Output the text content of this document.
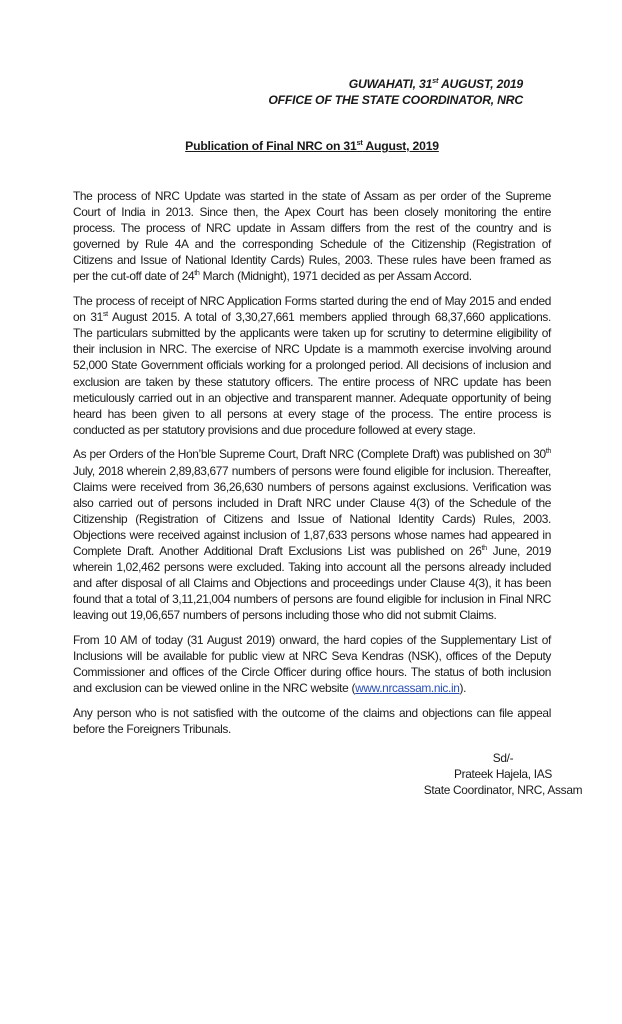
GUWAHATI, 31st AUGUST, 2019
OFFICE OF THE STATE COORDINATOR, NRC
Publication of Final NRC on 31st August, 2019

The process of NRC Update was started in the state of Assam as per order of the Supreme Court of India in 2013. Since then, the Apex Court has been closely monitoring the entire process. The process of NRC update in Assam differs from the rest of the country and is governed by Rule 4A and the corresponding Schedule of the Citizenship (Registration of Citizens and Issue of National Identity Cards) Rules, 2003. These rules have been framed as per the cut-off date of 24th March (Midnight), 1971 decided as per Assam Accord.

The process of receipt of NRC Application Forms started during the end of May 2015 and ended on 31st August 2015. A total of 3,30,27,661 members applied through 68,37,660 applications. The particulars submitted by the applicants were taken up for scrutiny to determine eligibility of their inclusion in NRC. The exercise of NRC Update is a mammoth exercise involving around 52,000 State Government officials working for a prolonged period. All decisions of inclusion and exclusion are taken by these statutory officers. The entire process of NRC update has been meticulously carried out in an objective and transparent manner. Adequate opportunity of being heard has been given to all persons at every stage of the process. The entire process is conducted as per statutory provisions and due procedure followed at every stage.

As per Orders of the Hon’ble Supreme Court, Draft NRC (Complete Draft) was published on 30th July, 2018 wherein 2,89,83,677 numbers of persons were found eligible for inclusion. Thereafter, Claims were received from 36,26,630 numbers of persons against exclusions. Verification was also carried out of persons included in Draft NRC under Clause 4(3) of the Schedule of the Citizenship (Registration of Citizens and Issue of National Identity Cards) Rules, 2003. Objections were received against inclusion of 1,87,633 persons whose names had appeared in Complete Draft. Another Additional Draft Exclusions List was published on 26th June, 2019 wherein 1,02,462 persons were excluded. Taking into account all the persons already included and after disposal of all Claims and Objections and proceedings under Clause 4(3), it has been found that a total of 3,11,21,004 numbers of persons are found eligible for inclusion in Final NRC leaving out 19,06,657 numbers of persons including those who did not submit Claims.

From 10 AM of today (31 August 2019) onward, the hard copies of the Supplementary List of Inclusions will be available for public view at NRC Seva Kendras (NSK), offices of the Deputy Commissioner and offices of the Circle Officer during office hours. The status of both inclusion and exclusion can be viewed online in the NRC website (www.nrcassam.nic.in).

Any person who is not satisfied with the outcome of the claims and objections can file appeal before the Foreigners Tribunals.

Sd/-
Prateek Hajela, IAS
State Coordinator, NRC, Assam
